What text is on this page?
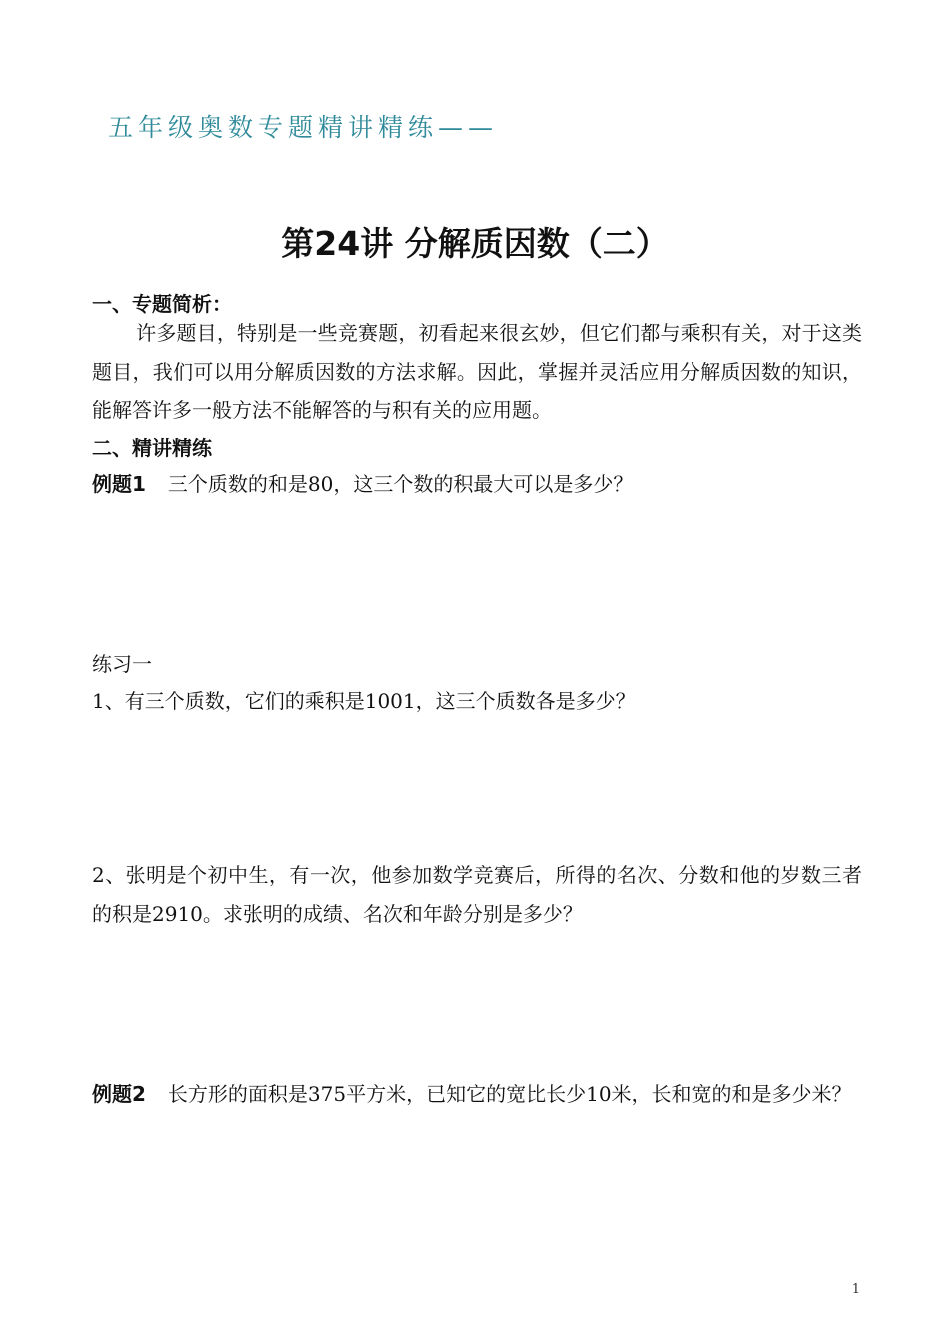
五年级奥数专题精讲精练——
第24讲 分解质因数（二）
一、专题简析：
许多题目，特别是一些竞赛题，初看起来很玄妙，但它们都与乘积有关，对于这类题目，我们可以用分解质因数的方法求解。因此，掌握并灵活应用分解质因数的知识，能解答许多一般方法不能解答的与积有关的应用题。
二、精讲精练
例题1 三个质数的和是80，这三个数的积最大可以是多少？
练习一
1、有三个质数，它们的乘积是1001，这三个质数各是多少？
2、张明是个初中生，有一次，他参加数学竞赛后，所得的名次、分数和他的岁数三者的积是2910。求张明的成绩、名次和年龄分别是多少？
例题2 长方形的面积是375平方米，已知它的宽比长少10米，长和宽的和是多少米？
1
